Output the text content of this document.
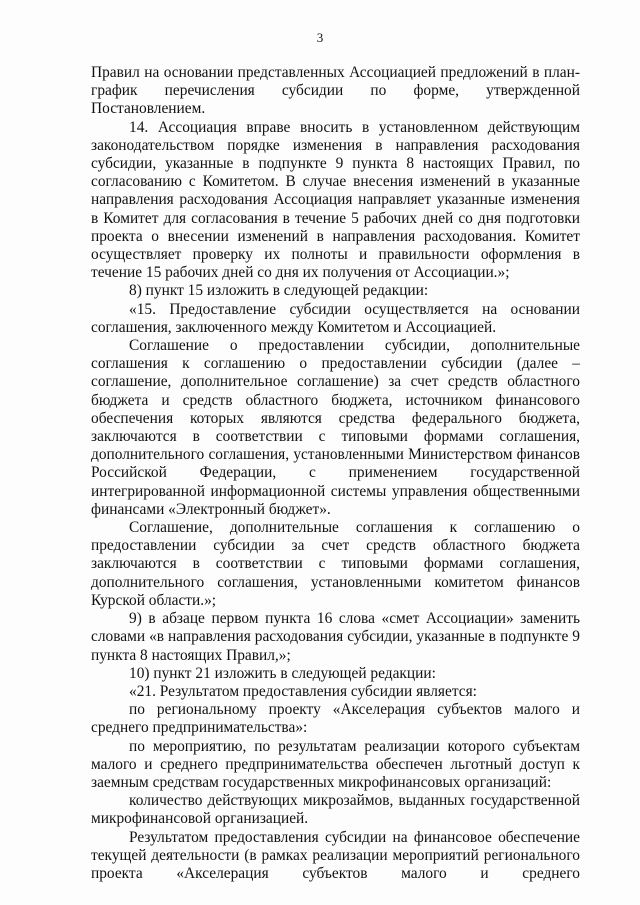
3

Правил на основании представленных Ассоциацией предложений в план-график перечисления субсидии по форме, утвержденной Постановлением.

14. Ассоциация вправе вносить в установленном действующим законодательством порядке изменения в направления расходования субсидии, указанные в подпункте 9 пункта 8 настоящих Правил, по согласованию с Комитетом. В случае внесения изменений в указанные направления расходования Ассоциация направляет указанные изменения в Комитет для согласования в течение 5 рабочих дней со дня подготовки проекта о внесении изменений в направления расходования. Комитет осуществляет проверку их полноты и правильности оформления в течение 15 рабочих дней со дня их получения от Ассоциации.»;

8) пункт 15 изложить в следующей редакции:

«15. Предоставление субсидии осуществляется на основании соглашения, заключенного между Комитетом и Ассоциацией.

Соглашение о предоставлении субсидии, дополнительные соглашения к соглашению о предоставлении субсидии (далее – соглашение, дополнительное соглашение) за счет средств областного бюджета и средств областного бюджета, источником финансового обеспечения которых являются средства федерального бюджета, заключаются в соответствии с типовыми формами соглашения, дополнительного соглашения, установленными Министерством финансов Российской Федерации, с применением государственной интегрированной информационной системы управления общественными финансами «Электронный бюджет».

Соглашение, дополнительные соглашения к соглашению о предоставлении субсидии за счет средств областного бюджета заключаются в соответствии с типовыми формами соглашения, дополнительного соглашения, установленными комитетом финансов Курской области.»;

9) в абзаце первом пункта 16 слова «смет Ассоциации» заменить словами «в направления расходования субсидии, указанные в подпункте 9 пункта 8 настоящих Правил,»;

10) пункт 21 изложить в следующей редакции:

«21. Результатом предоставления субсидии является:

по региональному проекту «Акселерация субъектов малого и среднего предпринимательства»:

по мероприятию, по результатам реализации которого субъектам малого и среднего предпринимательства обеспечен льготный доступ к заемным средствам государственных микрофинансовых организаций:

количество действующих микрозаймов, выданных государственной микрофинансовой организацией.

Результатом предоставления субсидии на финансовое обеспечение текущей деятельности (в рамках реализации мероприятий регионального проекта «Акселерация субъектов малого и среднего
